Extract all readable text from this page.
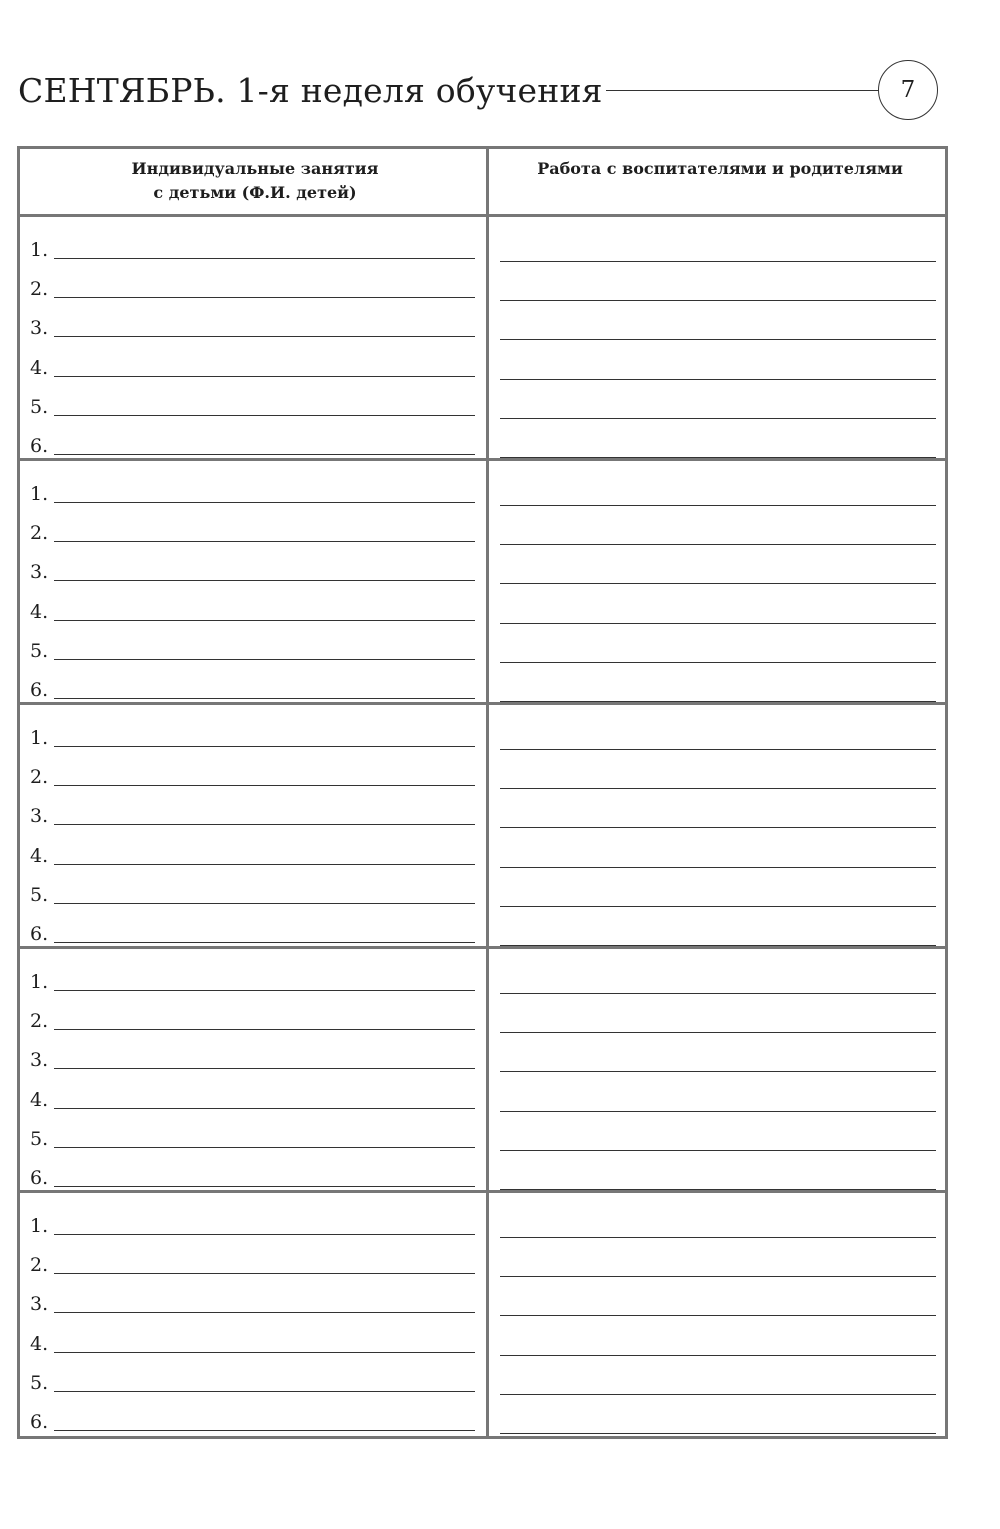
СЕНТЯБРЬ. 1-я неделя обучения	7
Индивидуальные занятия
с детьми (Ф.И. детей)
Работа с воспитателями и родителями
1.
2.
3.
4.
5.
6.
1.
2.
3.
4.
5.
6.
1.
2.
3.
4.
5.
6.
1.
2.
3.
4.
5.
6.
1.
2.
3.
4.
5.
6.
